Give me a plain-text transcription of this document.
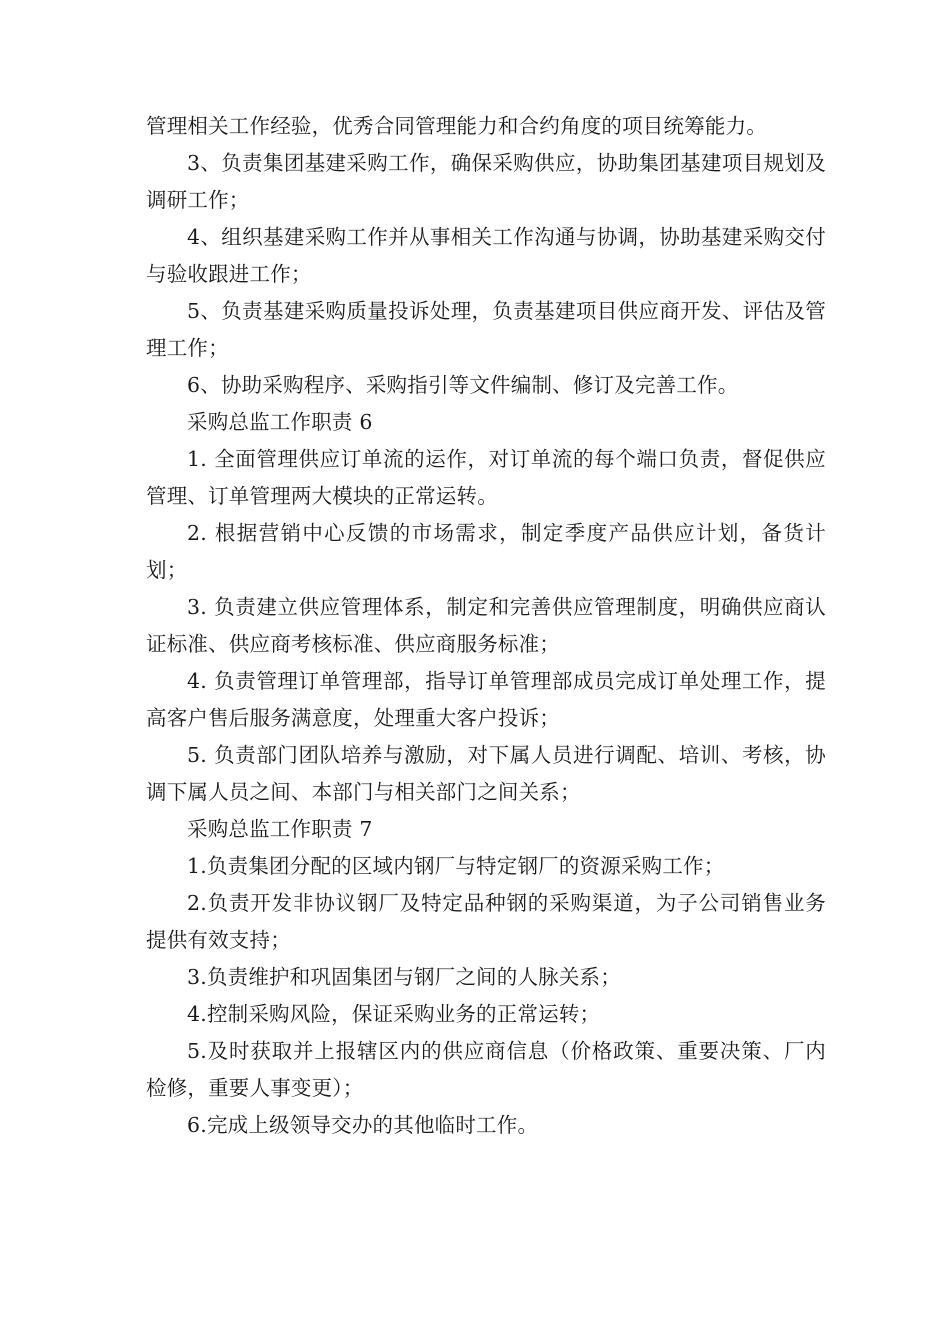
管理相关工作经验，优秀合同管理能力和合约角度的项目统筹能力。

3、负责集团基建采购工作，确保采购供应，协助集团基建项目规划及调研工作；

4、组织基建采购工作并从事相关工作沟通与协调，协助基建采购交付与验收跟进工作；

5、负责基建采购质量投诉处理，负责基建项目供应商开发、评估及管理工作；

6、协助采购程序、采购指引等文件编制、修订及完善工作。

采购总监工作职责 6

1. 全面管理供应订单流的运作，对订单流的每个端口负责，督促供应管理、订单管理两大模块的正常运转。

2. 根据营销中心反馈的市场需求，制定季度产品供应计划，备货计划；

3. 负责建立供应管理体系，制定和完善供应管理制度，明确供应商认证标准、供应商考核标准、供应商服务标准；

4. 负责管理订单管理部，指导订单管理部成员完成订单处理工作，提高客户售后服务满意度，处理重大客户投诉；

5. 负责部门团队培养与激励，对下属人员进行调配、培训、考核，协调下属人员之间、本部门与相关部门之间关系；

采购总监工作职责 7

1.负责集团分配的区域内钢厂与特定钢厂的资源采购工作；

2.负责开发非协议钢厂及特定品种钢的采购渠道，为子公司销售业务提供有效支持；

3.负责维护和巩固集团与钢厂之间的人脉关系；

4.控制采购风险，保证采购业务的正常运转；

5.及时获取并上报辖区内的供应商信息（价格政策、重要决策、厂内检修，重要人事变更）；

6.完成上级领导交办的其他临时工作。
